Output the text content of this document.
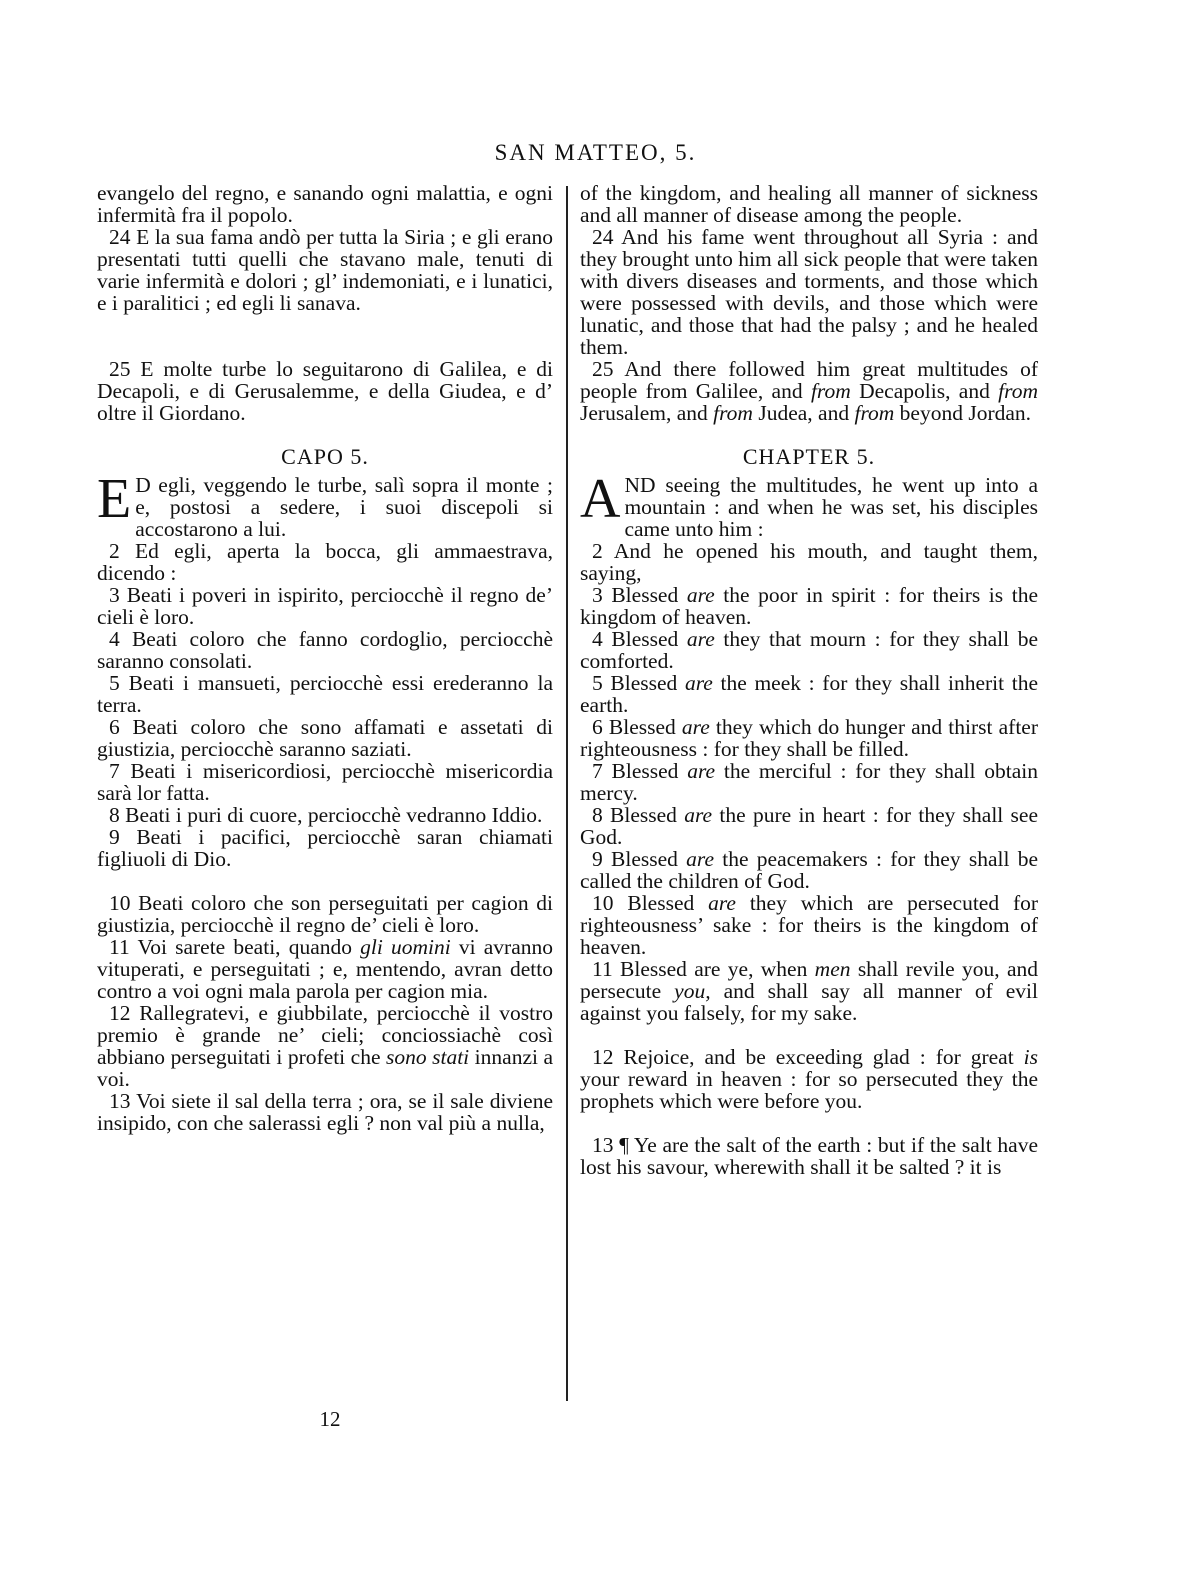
SAN MATTEO, 5.

evangelo del regno, e sanando ogni malattia, e ogni infermità fra il popolo.

24 E la sua fama andò per tutta la Siria ; e gli erano presentati tutti quelli che stavano male, tenuti di varie infermità e dolori ; gl’ indemoniati, e i lunatici, e i paralitici ; ed egli li sanava.

25 E molte turbe lo seguitarono di Galilea, e di Decapoli, e di Gerusalemme, e della Giudea, e d’ oltre il Giordano.

CAPO 5.

E D egli, veggendo le turbe, salì sopra il monte ; e, postosi a sedere, i suoi discepoli si accostarono a lui.

2 Ed egli, aperta la bocca, gli ammaestrava, dicendo :

3 Beati i poveri in ispirito, perciocchè il regno de’ cieli è loro.

4 Beati coloro che fanno cordoglio, perciocchè saranno consolati.

5 Beati i mansueti, perciocchè essi erederanno la terra.

6 Beati coloro che sono affamati e assetati di giustizia, perciocchè saranno saziati.

7 Beati i misericordiosi, perciocchè misericordia sarà lor fatta.

8 Beati i puri di cuore, perciocchè vedranno Iddio.

9 Beati i pacifici, perciocchè saran chiamati figliuoli di Dio.

10 Beati coloro che son perseguitati per cagion di giustizia, perciocchè il regno de’ cieli è loro.

11 Voi sarete beati, quando gli uomini vi avranno vituperati, e perseguitati ; e, mentendo, avran detto contro a voi ogni mala parola per cagion mia.

12 Rallegratevi, e giubbilate, perciocchè il vostro premio è grande ne’ cieli; conciossiachè così abbiano perseguitati i profeti che sono stati innanzi a voi.

13 Voi siete il sal della terra ; ora, se il sale diviene insipido, con che salerassi egli ? non val più a nulla,

of the kingdom, and healing all manner of sickness and all manner of disease among the people.

24 And his fame went throughout all Syria : and they brought unto him all sick people that were taken with divers diseases and torments, and those which were possessed with devils, and those which were lunatic, and those that had the palsy ; and he healed them.

25 And there followed him great multitudes of people from Galilee, and from Decapolis, and from Jerusalem, and from Judea, and from beyond Jordan.

CHAPTER 5.

AND seeing the multitudes, he went up into a mountain : and when he was set, his disciples came unto him :

2 And he opened his mouth, and taught them, saying,

3 Blessed are the poor in spirit : for theirs is the kingdom of heaven.

4 Blessed are they that mourn : for they shall be comforted.

5 Blessed are the meek : for they shall inherit the earth.

6 Blessed are they which do hunger and thirst after righteousness : for they shall be filled.

7 Blessed are the merciful : for they shall obtain mercy.

8 Blessed are the pure in heart : for they shall see God.

9 Blessed are the peacemakers : for they shall be called the children of God.

10 Blessed are they which are persecuted for righteousness’ sake : for theirs is the kingdom of heaven.

11 Blessed are ye, when men shall revile you, and persecute you, and shall say all manner of evil against you falsely, for my sake.

12 Rejoice, and be exceeding glad : for great is your reward in heaven : for so persecuted they the prophets which were before you.

13 ¶ Ye are the salt of the earth : but if the salt have lost his savour, wherewith shall it be salted ? it is

12
